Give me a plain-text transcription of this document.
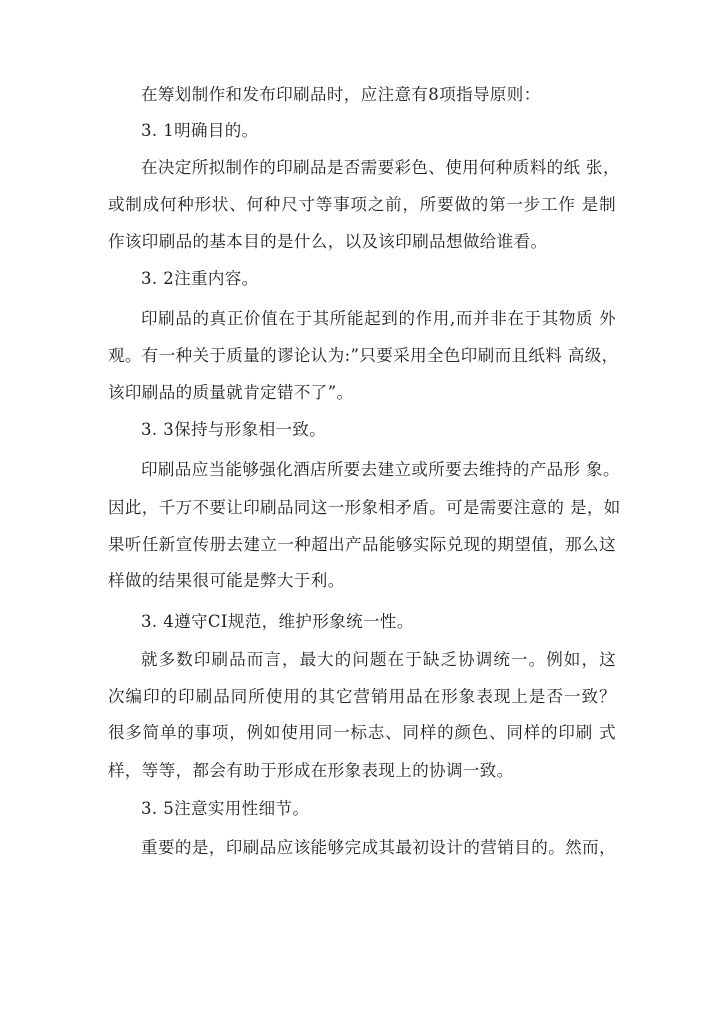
在筹划制作和发布印刷品时，应注意有8项指导原则：
3. 1明确目的。
在决定所拟制作的印刷品是否需要彩色、使用何种质料的纸 张，
或制成何种形状、何种尺寸等事项之前，所要做的第一步工作 是制
作该印刷品的基本目的是什么，以及该印刷品想做给谁看。
3. 2注重内容。
印刷品的真正价值在于其所能起到的作用,而并非在于其物质 外
观。有一种关于质量的谬论认为:”只要采用全色印刷而且纸料 高级，
该印刷品的质量就肯定错不了”。
3. 3保持与形象相一致。
印刷品应当能够强化酒店所要去建立或所要去维持的产品形 象。
因此，千万不要让印刷品同这一形象相矛盾。可是需要注意的 是，如
果听任新宣传册去建立一种超出产品能够实际兑现的期望值，那么这
样做的结果很可能是弊大于利。
3. 4遵守CI规范，维护形象统一性。
就多数印刷品而言，最大的问题在于缺乏协调统一。例如，这
次编印的印刷品同所使用的其它营销用品在形象表现上是否一致？
很多简单的事项，例如使用同一标志、同样的颜色、同样的印刷 式
样，等等，都会有助于形成在形象表现上的协调一致。
3. 5注意实用性细节。
重要的是，印刷品应该能够完成其最初设计的营销目的。然而，
